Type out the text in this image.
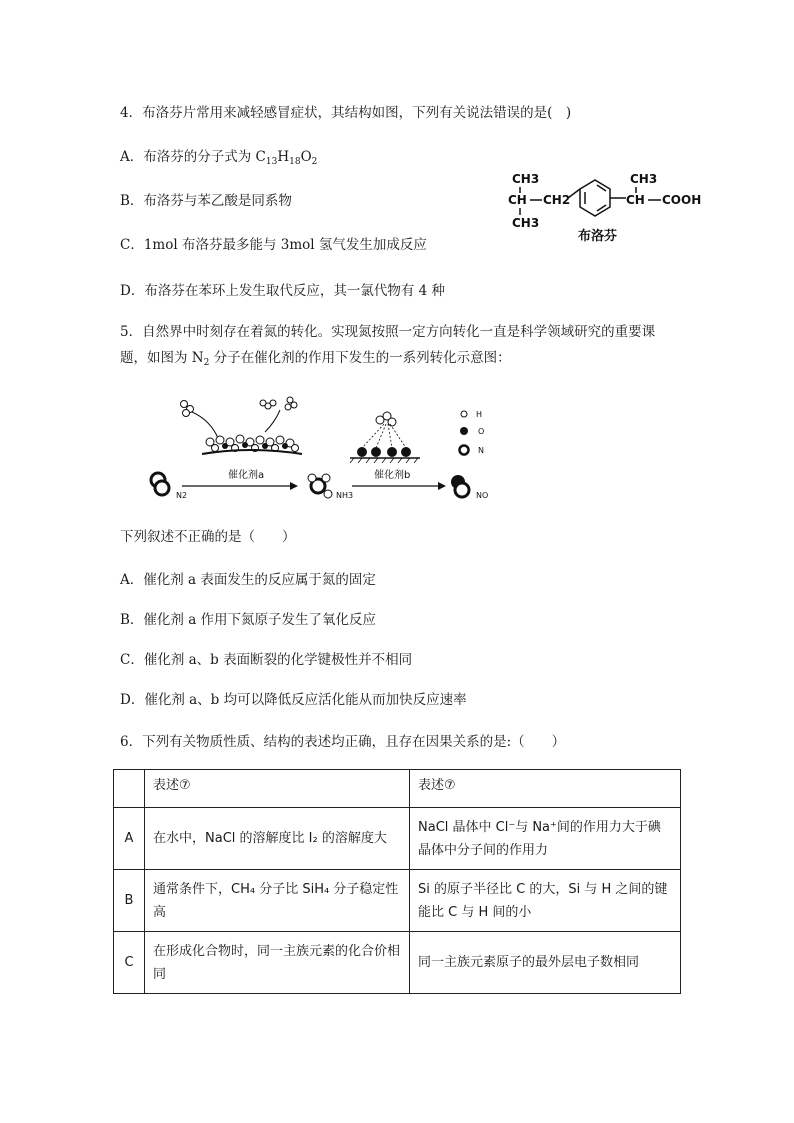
4．布洛芬片常用来减轻感冒症状，其结构如图，下列有关说法错误的是(　)
A．布洛芬的分子式为 $C_{13}H_{18}O_2$
B．布洛芬与苯乙酸是同系物
C．1mol 布洛芬最多能与 3mol 氢气发生加成反应
D．布洛芬在苯环上发生取代反应，其一氯代物有 4 种
CH3
CH CH2
CH3
CH3
CH COOH
布洛芬
5．自然界中时刻存在着氮的转化。实现氮按照一定方向转化一直是科学领域研究的重要课
题，如图为 $N_2$ 分子在催化剂的作用下发生的一系列转化示意图：
催化剂a
N2	NH3
催化剂b
NO
H
O
N
下列叙述不正确的是（　　）
A．催化剂 a 表面发生的反应属于氮的固定
B．催化剂 a 作用下氮原子发生了氧化反应
C．催化剂 a、b 表面断裂的化学键极性并不相同
D．催化剂 a、b 均可以降低反应活化能从而加快反应速率
6．下列有关物质性质、结构的表述均正确，且存在因果关系的是:（　　）
	表述⑦	表述⑦
A	在水中，NaCl 的溶解度比 I₂ 的溶解度大	NaCl 晶体中 Cl⁻与 Na⁺间的作用力大于碘晶体中分子间的作用力
B	通常条件下，CH₄ 分子比 SiH₄ 分子稳定性高	Si 的原子半径比 C 的大，Si 与 H 之间的键能比 C 与 H 间的小
C	在形成化合物时，同一主族元素的化合价相同	同一主族元素原子的最外层电子数相同
